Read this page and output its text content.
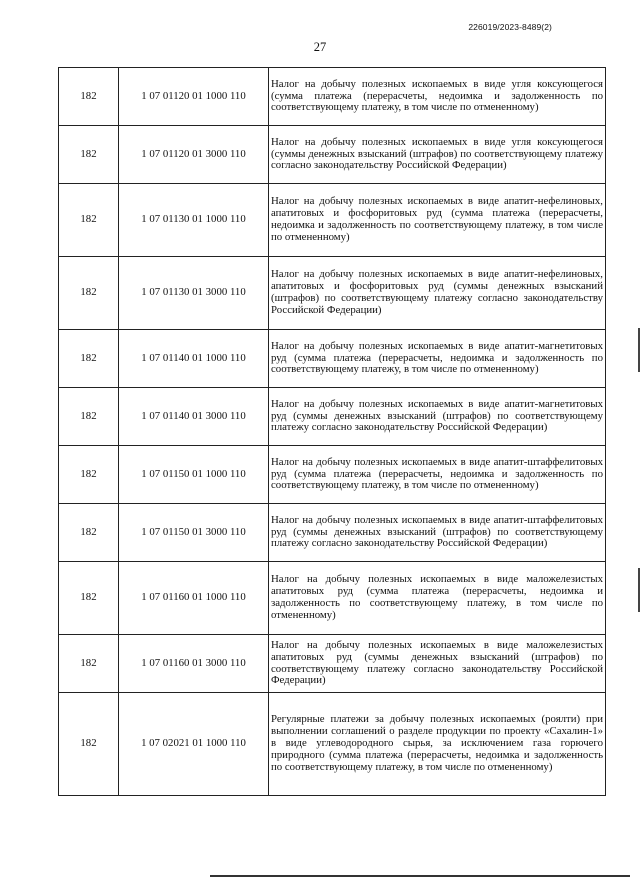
226019/2023-8489(2)
27
182	1 07 01120 01 1000 110	Налог на добычу полезных ископаемых в виде угля коксующегося (сумма платежа (перерасчеты, недоимка и задолженность по соответствующему платежу, в том числе по отмененному)
182	1 07 01120 01 3000 110	Налог на добычу полезных ископаемых в виде угля коксующегося (суммы денежных взысканий (штрафов) по соответствующему платежу согласно законодательству Российской Федерации)
182	1 07 01130 01 1000 110	Налог на добычу полезных ископаемых в виде апатит-нефелиновых, апатитовых и фосфоритовых руд (сумма платежа (перерасчеты, недоимка и задолженность по соответствующему платежу, в том числе по отмененному)
182	1 07 01130 01 3000 110	Налог на добычу полезных ископаемых в виде апатит-нефелиновых, апатитовых и фосфоритовых руд (суммы денежных взысканий (штрафов) по соответствующему платежу согласно законодательству Российской Федерации)
182	1 07 01140 01 1000 110	Налог на добычу полезных ископаемых в виде апатит-магнетитовых руд (сумма платежа (перерасчеты, недоимка и задолженность по соответствующему платежу, в том числе по отмененному)
182	1 07 01140 01 3000 110	Налог на добычу полезных ископаемых в виде апатит-магнетитовых руд (суммы денежных взысканий (штрафов) по соответствующему платежу согласно законодательству Российской Федерации)
182	1 07 01150 01 1000 110	Налог на добычу полезных ископаемых в виде апатит-штаффелитовых руд (сумма платежа (перерасчеты, недоимка и задолженность по соответствующему платежу, в том числе по отмененному)
182	1 07 01150 01 3000 110	Налог на добычу полезных ископаемых в виде апатит-штаффелитовых руд (суммы денежных взысканий (штрафов) по соответствующему платежу согласно законодательству Российской Федерации)
182	1 07 01160 01 1000 110	Налог на добычу полезных ископаемых в виде маложелезистых апатитовых руд (сумма платежа (перерасчеты, недоимка и задолженность по соответствующему платежу, в том числе по отмененному)
182	1 07 01160 01 3000 110	Налог на добычу полезных ископаемых в виде маложелезистых апатитовых руд (суммы денежных взысканий (штрафов) по соответствующему платежу согласно законодательству Российской Федерации)
182	1 07 02021 01 1000 110	Регулярные платежи за добычу полезных ископаемых (роялти) при выполнении соглашений о разделе продукции по проекту «Сахалин-1» в виде углеводородного сырья, за исключением газа горючего природного (сумма платежа (перерасчеты, недоимка и задолженность по соответствующему платежу, в том числе по отмененному)
